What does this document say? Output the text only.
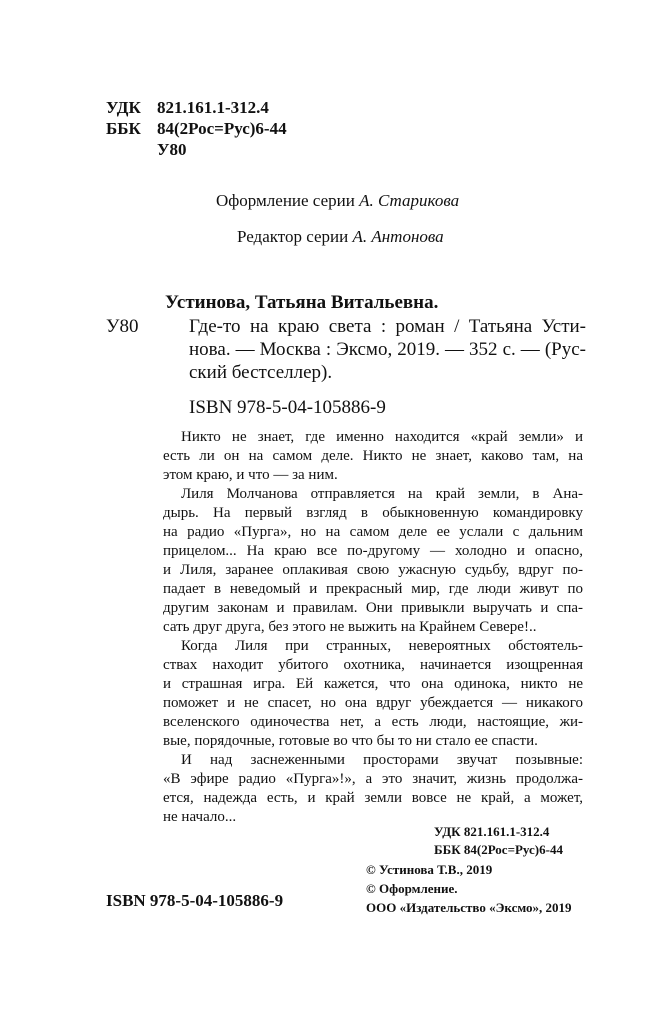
УДК 821.161.1-312.4
ББК 84(2Рос=Рус)6-44
У80
Оформление серии А. Старикова
Редактор серии А. Антонова
Устинова, Татьяна Витальевна.
У80	Где-то на краю света : роман / Татьяна Усти-
нова. — Москва : Эксмо, 2019. — 352 с. — (Рус-
ский бестселлер).
ISBN 978-5-04-105886-9
Никто не знает, где именно находится «край земли» и
есть ли он на самом деле. Никто не знает, каково там, на
этом краю, и что — за ним.
Лиля Молчанова отправляется на край земли, в Ана-
дырь. На первый взгляд в обыкновенную командировку
на радио «Пурга», но на самом деле ее услали с дальним
прицелом... На краю все по-другому — холодно и опасно,
и Лиля, заранее оплакивая свою ужасную судьбу, вдруг по-
падает в неведомый и прекрасный мир, где люди живут по
другим законам и правилам. Они привыкли выручать и спа-
сать друг друга, без этого не выжить на Крайнем Севере!..
Когда Лиля при странных, невероятных обстоятель-
ствах находит убитого охотника, начинается изощренная
и страшная игра. Ей кажется, что она одинока, никто не
поможет и не спасет, но она вдруг убеждается — никакого
вселенского одиночества нет, а есть люди, настоящие, жи-
вые, порядочные, готовые во что бы то ни стало ее спасти.
И над заснеженными просторами звучат позывные:
«В эфире радио «Пурга»!», а это значит, жизнь продолжа-
ется, надежда есть, и край земли вовсе не край, а может,
не начало...
УДК 821.161.1-312.4
ББК 84(2Рос=Рус)6-44
ISBN 978-5-04-105886-9
© Устинова Т.В., 2019
© Оформление.
ООО «Издательство «Эксмо», 2019
